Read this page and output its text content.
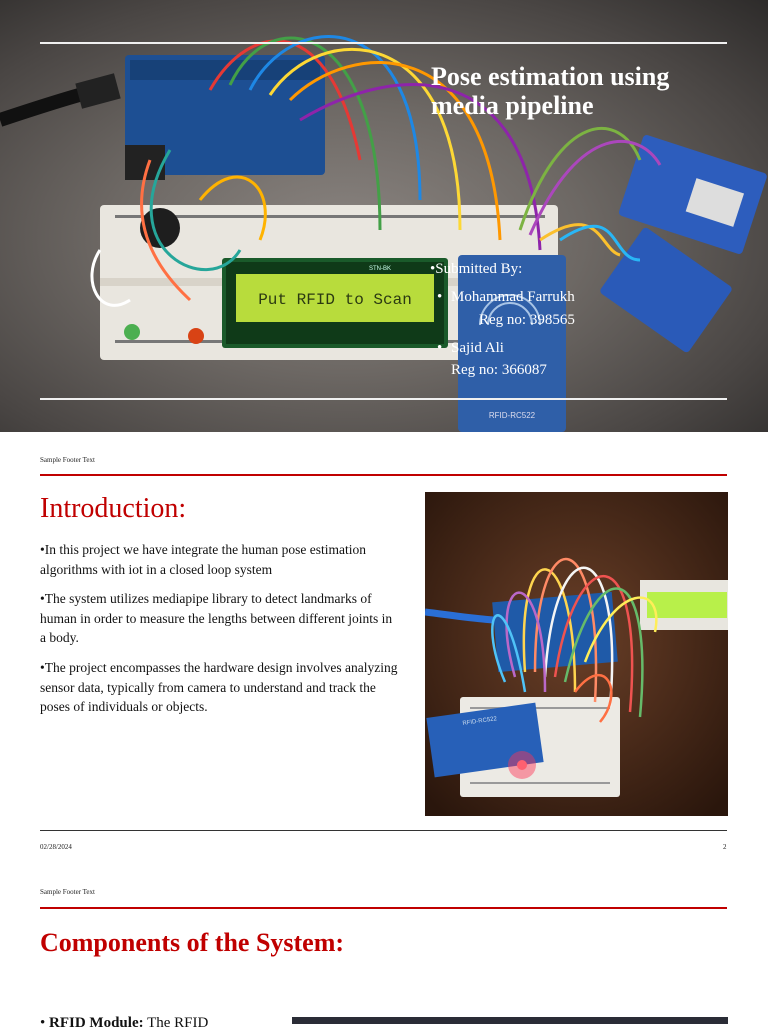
Put RFID to Scan
STN-BK
RFID-RC522
Pose estimation using media pipeline
•Submitted By:
• Mohammad Farrukh
Reg no: 398565
• Sajid Ali
Reg no: 366087
Sample Footer Text
Introduction:
•In this project we have integrate the human pose estimation algorithms with iot in a closed loop system
•The system utilizes mediapipe library to detect landmarks of human in order to measure the lengths between different joints in a body.
•The project encompasses the hardware design involves analyzing sensor data, typically from camera to understand and track the poses of individuals or objects.
RFID-RC522
02/28/2024	2
Sample Footer Text
Components of the System:
• RFID Module: The RFID
